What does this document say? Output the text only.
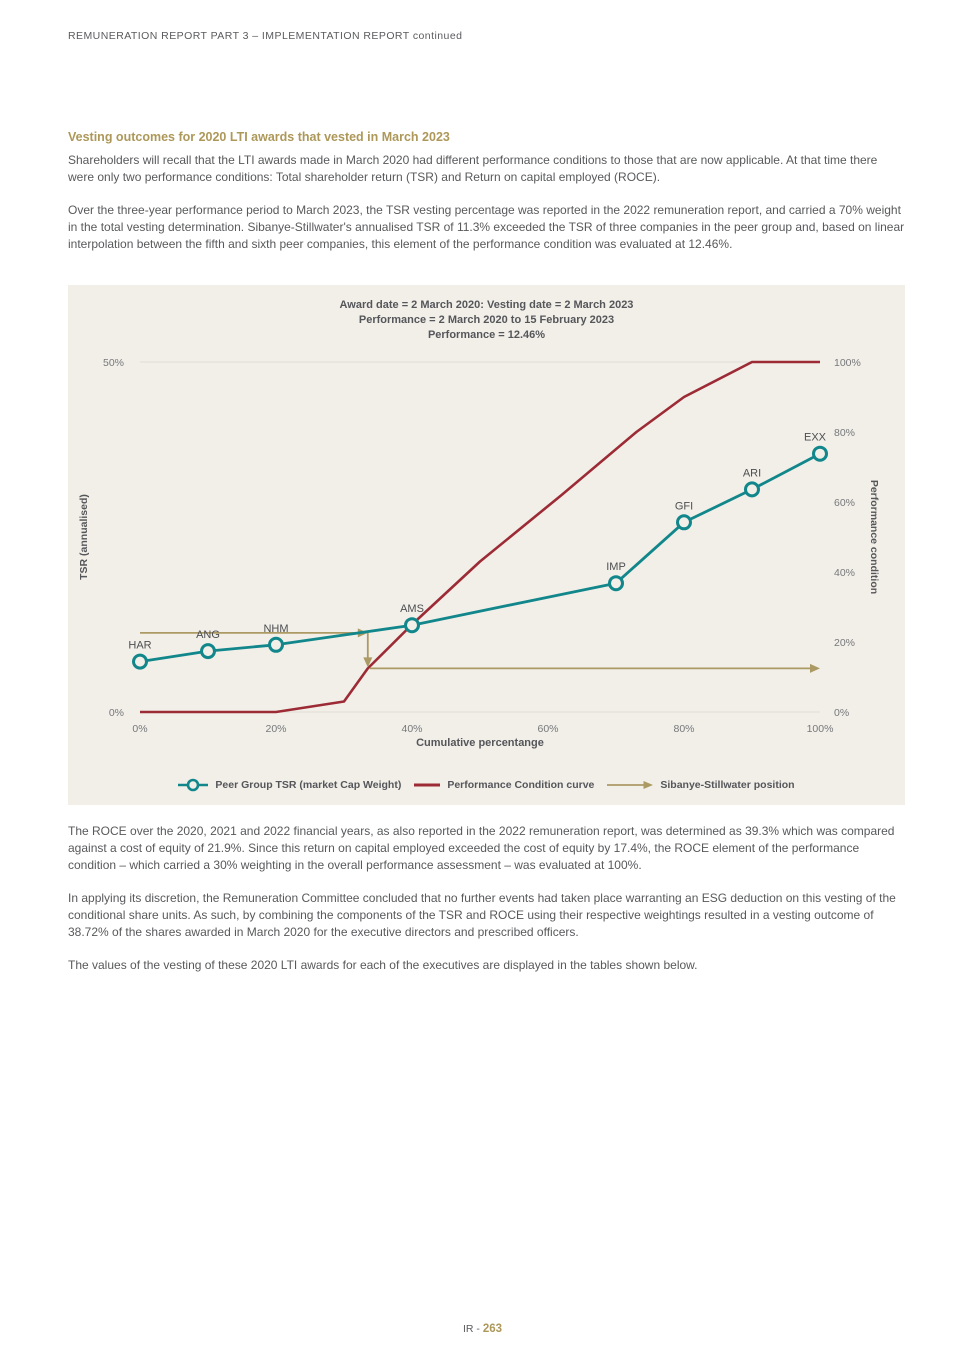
REMUNERATION REPORT PART 3 – IMPLEMENTATION REPORT continued
Vesting outcomes for 2020 LTI awards that vested in March 2023

Shareholders will recall that the LTI awards made in March 2020 had different performance conditions to those that are now applicable. At that time there were only two performance conditions: Total shareholder return (TSR) and Return on capital employed (ROCE).

Over the three-year performance period to March 2023, the TSR vesting percentage was reported in the 2022 remuneration report, and carried a 70% weight in the total vesting determination. Sibanye-Stillwater's annualised TSR of 11.3% exceeded the TSR of three companies in the peer group and, based on linear interpolation between the fifth and sixth peer companies, this element of the performance condition was evaluated at 12.46%.

50%
0%
100%
80%
60%
40%
20%
0%
0%	20%	40%	60%	80%	100%
HAR
ANG
NHM
AMS
IMP
GFI
ARI
EXX
Award date = 2 March 2020: Vesting date = 2 March 2023
Performance = 2 March 2020 to 15 February 2023
Performance = 12.46%
TSR (annualised)	Performance condition
Cumulative percentange
Peer Group TSR (market Cap Weight)	Performance Condition curve	Sibanye-Stillwater position

The ROCE over the 2020, 2021 and 2022 financial years, as also reported in the 2022 remuneration report, was determined as 39.3% which was compared against a cost of equity of 21.9%. Since this return on capital employed exceeded the cost of equity by 17.4%, the ROCE element of the performance condition – which carried a 30% weighting in the overall performance assessment – was evaluated at 100%.

In applying its discretion, the Remuneration Committee concluded that no further events had taken place warranting an ESG deduction on this vesting of the conditional share units. As such, by combining the components of the TSR and ROCE using their respective weightings resulted in a vesting outcome of 38.72% of the shares awarded in March 2020 for the executive directors and prescribed officers.

The values of the vesting of these 2020 LTI awards for each of the executives are displayed in the tables shown below.

IR - 263
